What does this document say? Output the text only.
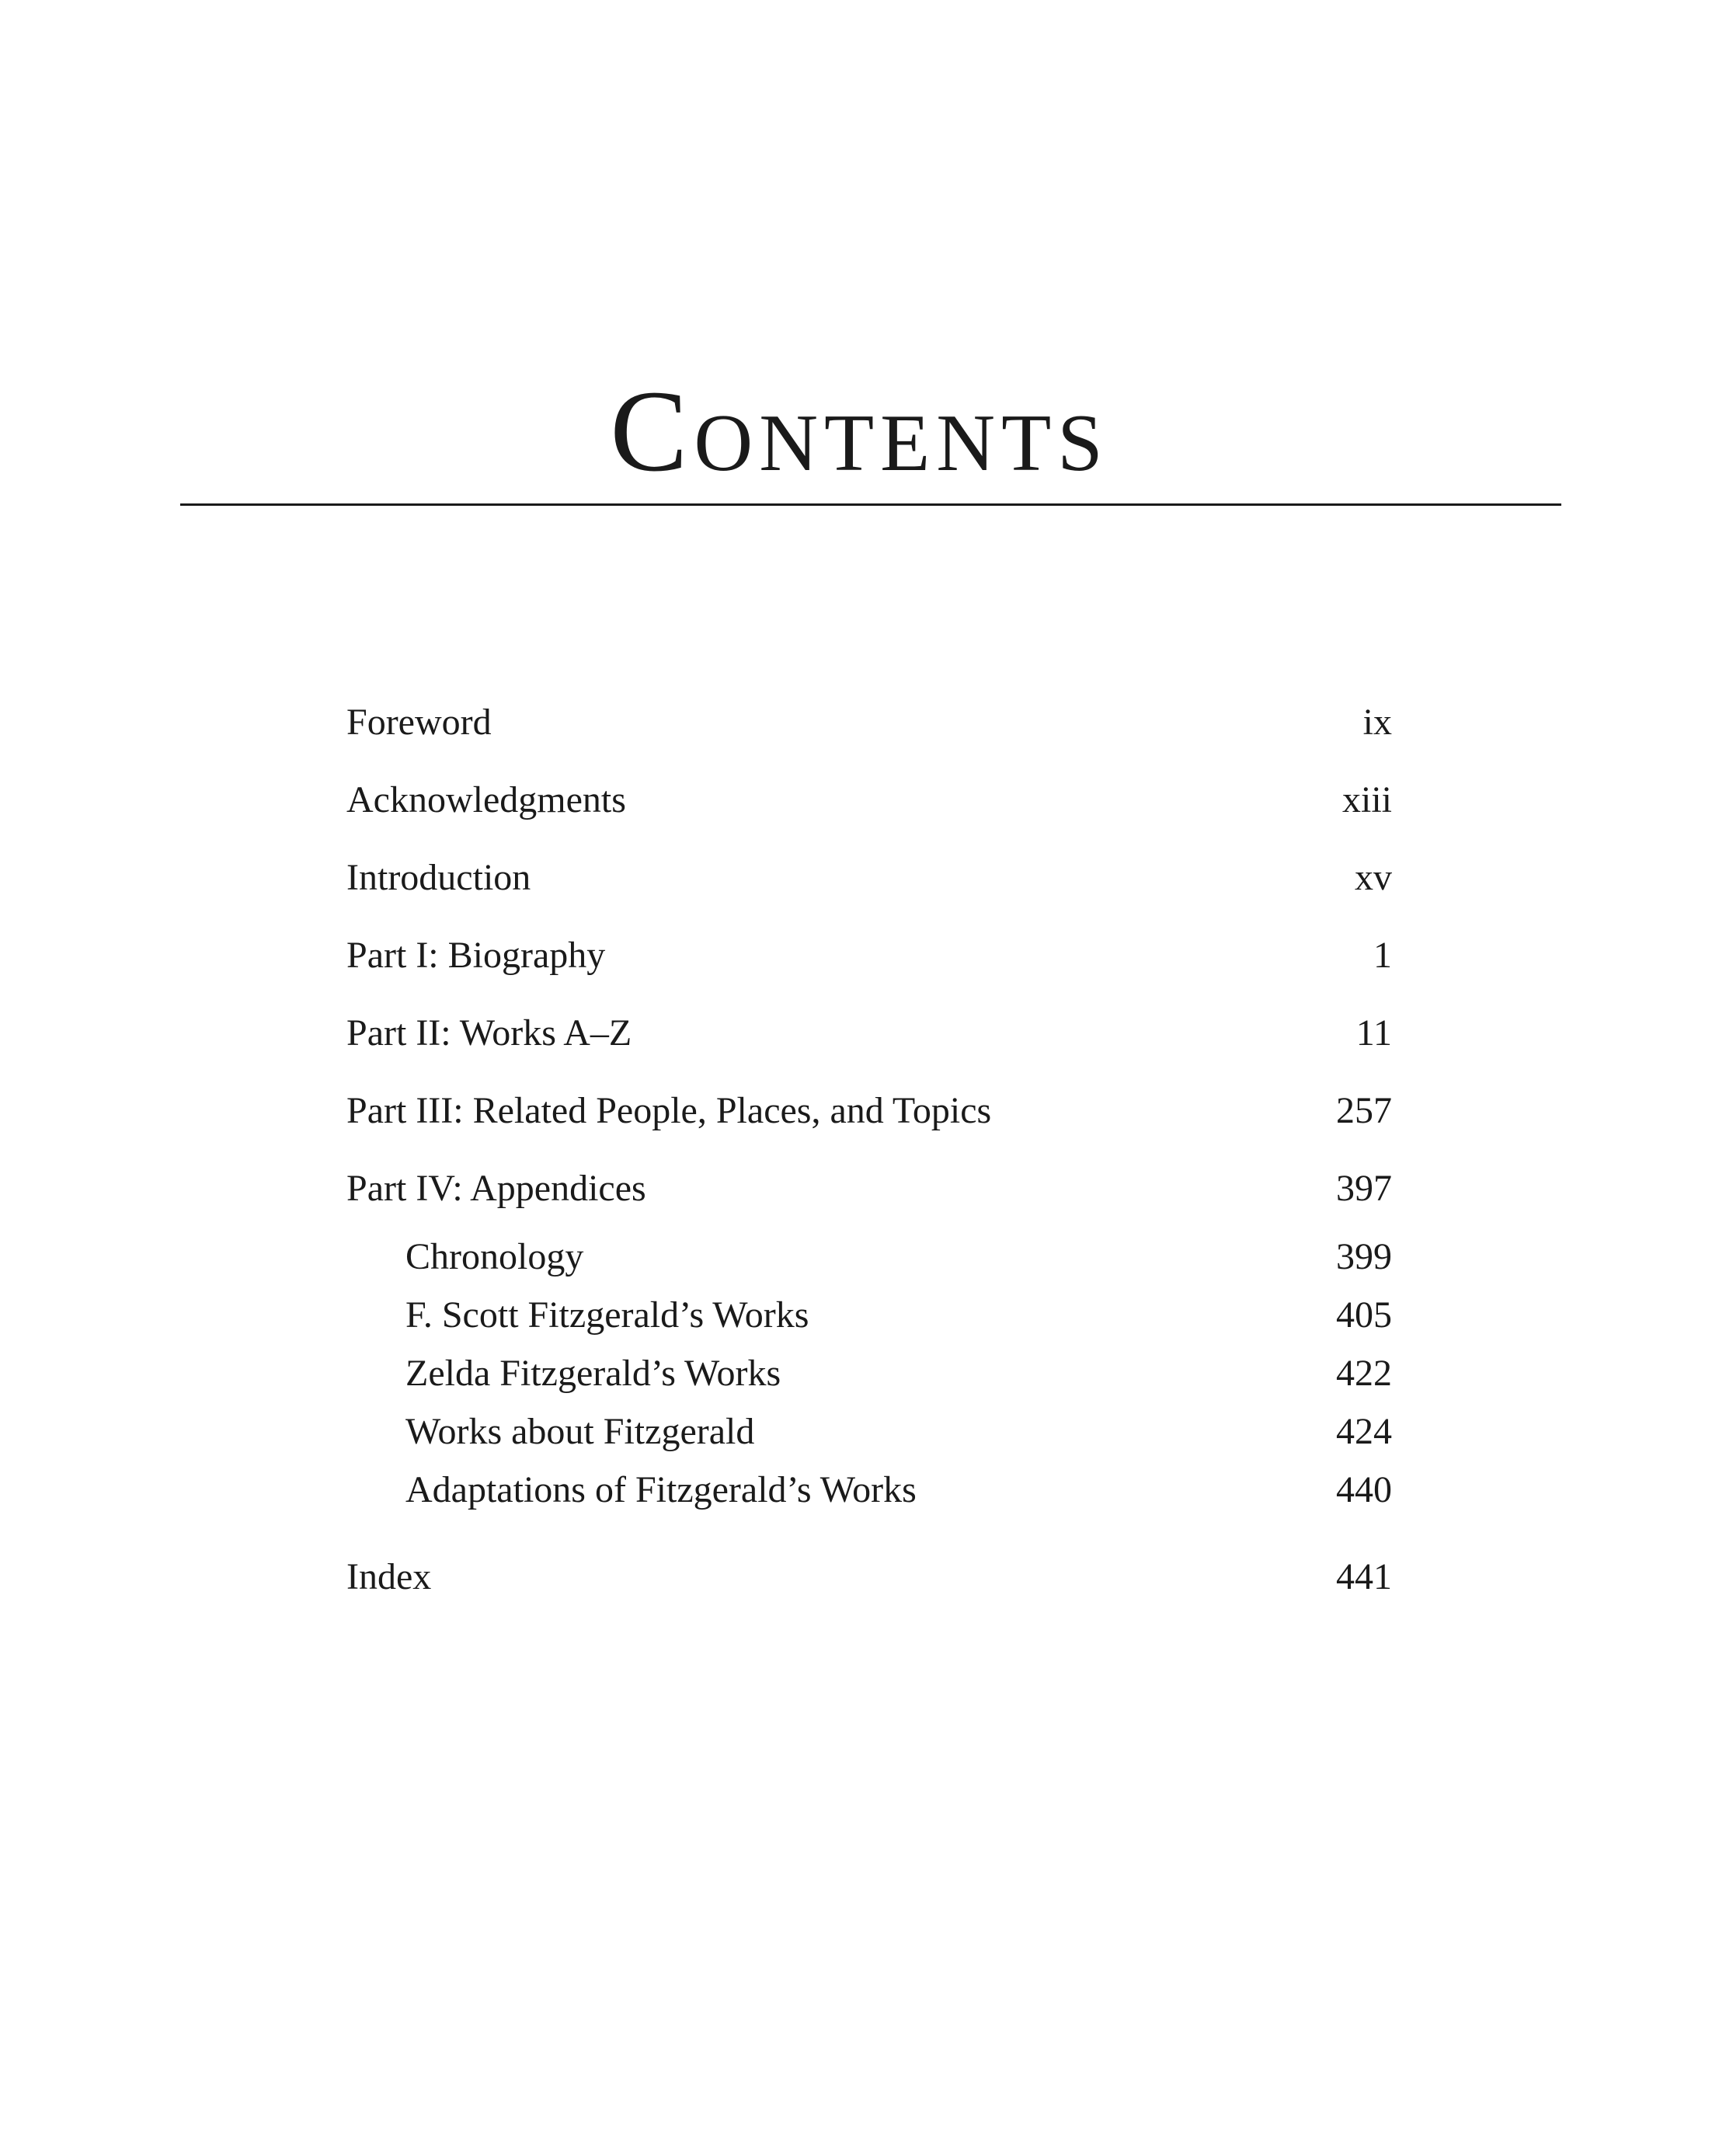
Contents
Foreword	ix
Acknowledgments	xiii
Introduction	xv
Part I: Biography	1
Part II: Works A–Z	11
Part III: Related People, Places, and Topics	257
Part IV: Appendices	397
Chronology	399
F. Scott Fitzgerald’s Works	405
Zelda Fitzgerald’s Works	422
Works about Fitzgerald	424
Adaptations of Fitzgerald’s Works	440
Index	441
